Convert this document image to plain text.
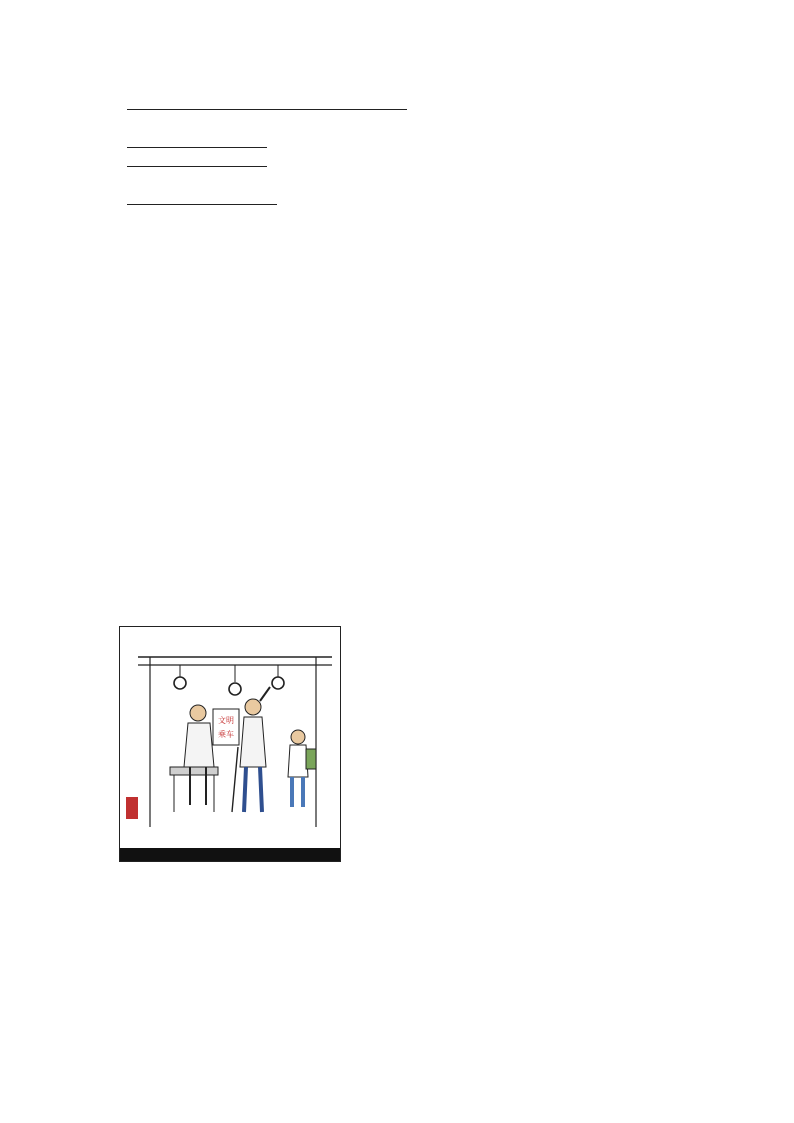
文明
乘车
